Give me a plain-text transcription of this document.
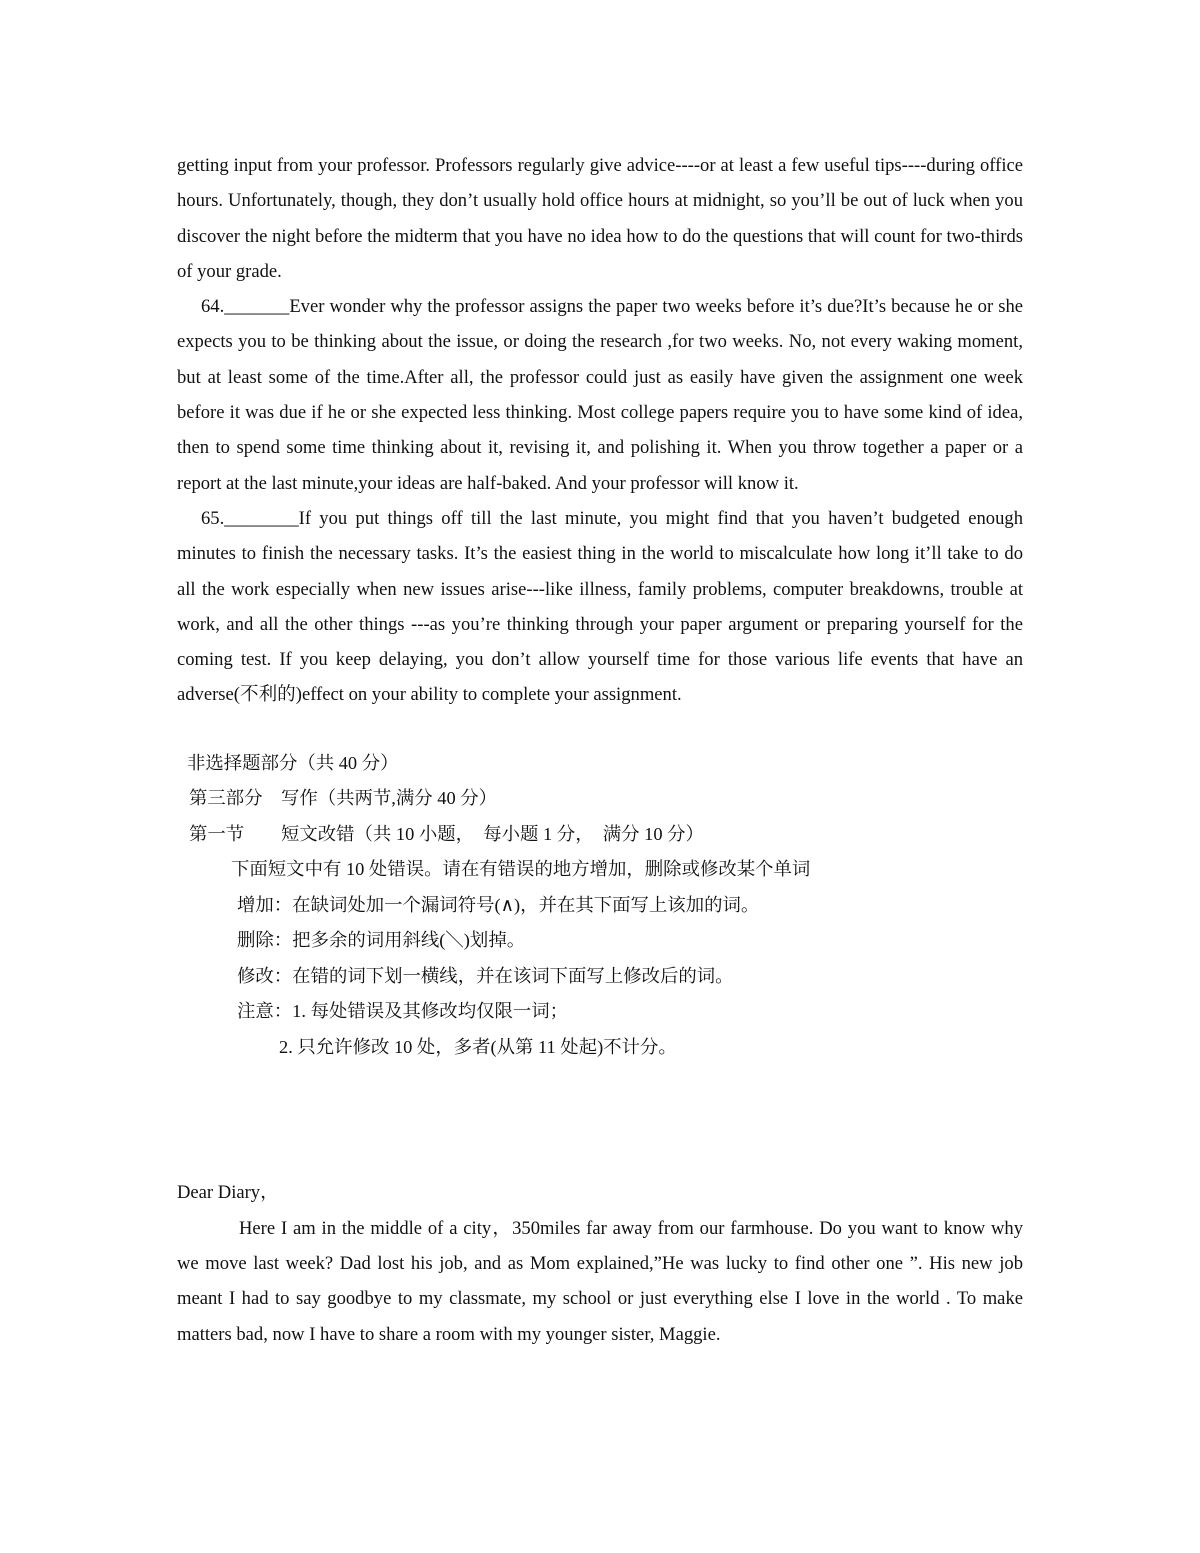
getting input from your professor. Professors regularly give advice----or at least a few useful tips----during office hours. Unfortunately, though, they don’t usually hold office hours at midnight, so you’ll be out of luck when you discover the night before the midterm that you have no idea how to do the questions that will count for two-thirds of your grade.

64._______Ever wonder why the professor assigns the paper two weeks before it’s due?It’s because he or she expects you to be thinking about the issue, or doing the research ,for two weeks. No, not every waking moment, but at least some of the time.After all, the professor could just as easily have given the assignment one week before it was due if he or she expected less thinking. Most college papers require you to have some kind of idea, then to spend some time thinking about it, revising it, and polishing it. When you throw together a paper or a report at the last minute,your ideas are half-baked. And your professor will know it.

65.________If you put things off till the last minute, you might find that you haven’t budgeted enough minutes to finish the necessary tasks. It’s the easiest thing in the world to miscalculate how long it’ll take to do all the work especially when new issues arise---like illness, family problems, computer breakdowns, trouble at work, and all the other things ---as you’re thinking through your paper argument or preparing yourself for the coming test. If you keep delaying, you don’t allow yourself time for those various life events that have an adverse(不利的)effect on your ability to complete your assignment.

非选择题部分（共 40 分）

第三部分　写作（共两节,满分 40 分）

第一节　　短文改错（共 10 小题，　每小题 1 分，　满分 10 分）

下面短文中有 10 处错误。请在有错误的地方增加，删除或修改某个单词

增加：在缺词处加一个漏词符号(∧)，并在其下面写上该加的词。

删除：把多余的词用斜线(＼)划掉。

修改：在错的词下划一横线，并在该词下面写上修改后的词。

注意：1. 每处错误及其修改均仅限一词；

2. 只允许修改 10 处，多者(从第 11 处起)不计分。

Dear Diary，

Here I am in the middle of a city，350miles far away from our farmhouse. Do you want to know why we move last week? Dad lost his job, and as Mom explained,”He was lucky to find other one ”. His new job meant I had to say goodbye to my classmate, my school or just everything else I love in the world . To make matters bad, now I have to share a room with my younger sister, Maggie.
